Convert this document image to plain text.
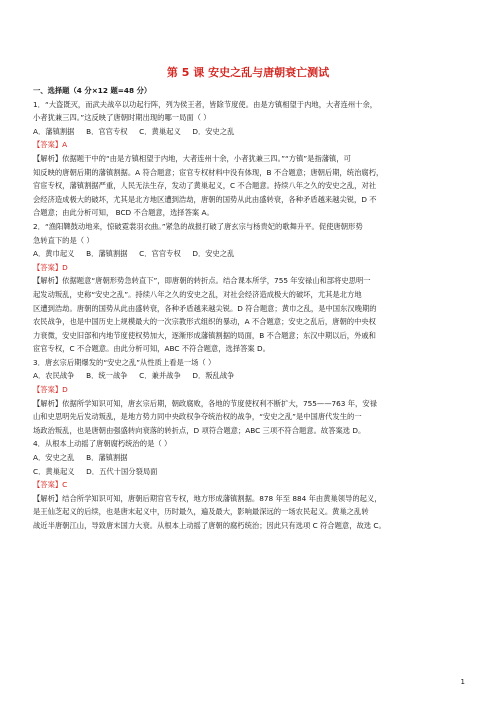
第 5 课 安史之乱与唐朝衰亡测试

一、选择题（4 分×12 题=48 分）

1．“大盗既灭，而武夫战卒以功起行阵，列为侯王者，皆除节度使。由是方镇相望于内地，大者连州十余，

小者犹兼三四。”这反映了唐朝时期出现的哪一局面（ ）

A．藩镇割据     B．官官专权     C．黄巢起义     D．安史之乱

【答案】A

【解析】依据题干中的“由是方镇相望于内地，大者连州十余，小者犹兼三四。”“方镇”是指藩镇，可

知反映的唐朝后期的藩镇割据。A 符合题意；宦官专权材料中没有体现，B 不合题意；唐朝后期，统治腐朽，

官宦专权，藩镇割据严重，人民无法生存，发动了黄巢起义，C 不合题意。持续八年之久的安史之乱，对社

会经济造成极大的破坏，尤其是北方地区遭到浩劫，唐朝的国势从此由盛转衰，各种矛盾越来越尖锐，D 不

合题意；由此分析可知， BCD 不合题意，选择答案 A。

2．“渔阳鞞鼓动地来，惊破霓裳羽衣曲。”紧急的战报打破了唐玄宗与杨贵妃的歌舞升平。促使唐朝形势

急转直下的是（ ）

A．黄巾起义     B．藩镇割据     C．官官专权     D．安史之乱

【答案】D

【解析】依据题意“唐朝形势急转直下”，即唐朝的转折点。结合课本所学，755 年安禄山和部将史思明一

起发动叛乱，史称“安史之乱”。持续八年之久的安史之乱，对社会经济造成极大的破坏，尤其是北方地

区遭到浩劫。唐朝的国势从此由盛转衰，各种矛盾越来越尖锐。D 符合题意；黄巾之乱，是中国东汉晚期的

农民战争，也是中国历史上规模最大的一次宗教形式组织的暴动，A 不合题意；安史之乱后，唐朝的中央权

力衰微，安史旧部和内地节度使权势加大，逐渐形成藩镇割据的局面，B 不合题意；东汉中期以后，外戚和

宦官专权，C 不合题意。由此分析可知，ABC 不符合题意，选择答案 D。

3．唐玄宗后期爆发的“安史之乱”从性质上看是一场（ ）

A．农民战争     B．统一战争     C．兼并战争     D．叛乱战争

【答案】D

【解析】依据所学知识可知，唐玄宗后期，朝政腐败，各地的节度使权利不断扩大，755——763 年，安禄

山和史思明先后发动叛乱，是地方势力同中央政权争夺统治权的战争，“安史之乱”是中国唐代发生的一

场政治叛乱，也是唐朝由强盛转向衰落的转折点，D 项符合题意；ABC 三项不符合题意。故答案选 D。

4．从根本上动摇了唐朝腐朽统治的是（ ）

A．安史之乱     B．藩镇割据

C．黄巢起义     D．五代十国分裂局面

【答案】C

【解析】结合所学知识可知，唐朝后期官官专权，地方形成藩镇割据。878 年至 884 年由黄巢领导的起义，

是王仙芝起义的后续，也是唐末起义中，历时最久，遍及最大，影响最深远的一场农民起义。黄巢之乱转

战近半唐朝江山，导致唐末国力大衰。从根本上动摇了唐朝的腐朽统治；因此只有选项 C 符合题意，故选 C。

1
